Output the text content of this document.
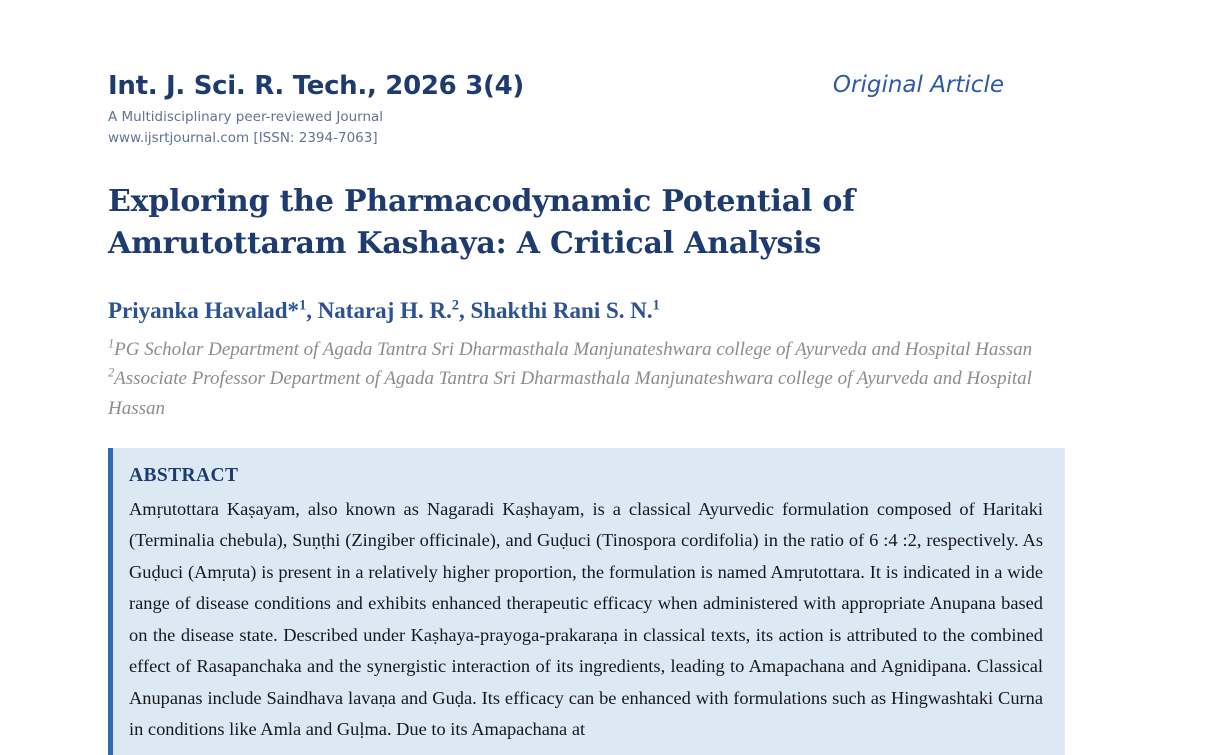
Int. J. Sci. R. Tech., 2026 3(4)
A Multidisciplinary peer-reviewed Journal
www.ijsrtjournal.com [ISSN: 2394-7063]
Original Article
Exploring the Pharmacodynamic Potential of Amrutottaram Kashaya: A Critical Analysis
Priyanka Havalad*$^1$, Nataraj H. R.$^2$, Shakthi Rani S. N.$^1$

$^1$PG Scholar Department of Agada Tantra Sri Dharmasthala Manjunateshwara college of Ayurveda and Hospital Hassan

$^2$Associate Professor Department of Agada Tantra Sri Dharmasthala Manjunateshwara college of Ayurveda and Hospital Hassan

ABSTRACT

Amṛutottara Kaṣayam, also known as Nagaradi Kaṣhayam, is a classical Ayurvedic formulation composed of Haritaki (Terminalia chebula), Suṇṭhi (Zingiber officinale), and Guḍuci (Tinospora cordifolia) in the ratio of 6 :4 :2, respectively. As Guḍuci (Amṛuta) is present in a relatively higher proportion, the formulation is named Amṛutottara. It is indicated in a wide range of disease conditions and exhibits enhanced therapeutic efficacy when administered with appropriate Anupana based on the disease state. Described under Kaṣhaya-prayoga-prakaraṇa in classical texts, its action is attributed to the combined effect of Rasapanchaka and the synergistic interaction of its ingredients, leading to Amapachana and Agnidipana. Classical Anupanas include Saindhava lavaṇa and Guḍa. Its efficacy can be enhanced with formulations such as Hingwashtaki Curna in conditions like Amla and Guḷma. Due to its Amapachana at
